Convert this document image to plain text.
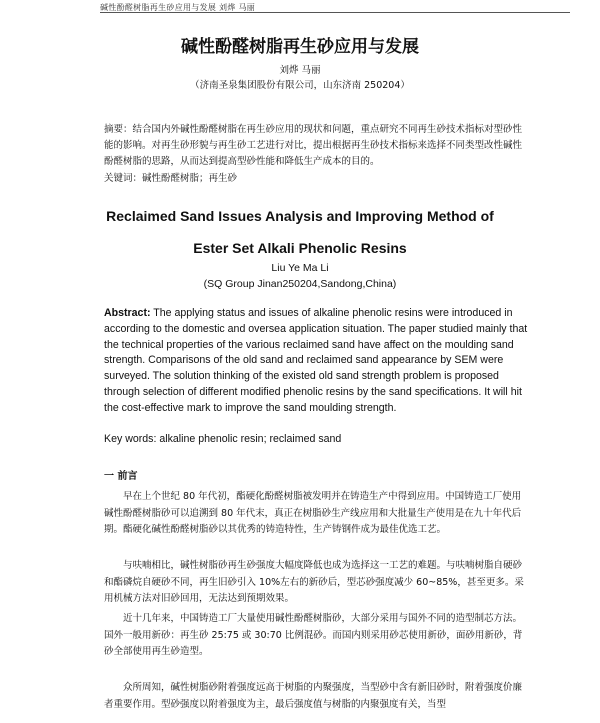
碱性酚醛树脂再生砂应用与发展 刘烨 马丽
碱性酚醛树脂再生砂应用与发展
刘烨 马丽
（济南圣泉集团股份有限公司，山东济南 250204）
摘要：结合国内外碱性酚醛树脂在再生砂应用的现状和问题，重点研究不同再生砂技术指标对型砂性能的影响。对再生砂形貌与再生砂工艺进行对比，提出根据再生砂技术指标来选择不同类型改性碱性酚醛树脂的思路，从而达到提高型砂性能和降低生产成本的目的。
关键词：碱性酚醛树脂；再生砂
Reclaimed Sand Issues Analysis and Improving Method of
Ester Set Alkali Phenolic Resins
Liu Ye Ma Li
(SQ Group Jinan250204,Sandong,China)
Abstract: The applying status and issues of alkaline phenolic resins were introduced in according to the domestic and oversea application situation. The paper studied mainly that the technical properties of the various reclaimed sand have affect on the moulding sand strength. Comparisons of the old sand and reclaimed sand appearance by SEM were surveyed. The solution thinking of the existed old sand strength problem is proposed through selection of different modified phenolic resins by the sand specifications. It will hit the cost-effective mark to improve the sand moulding strength.
Key words: alkaline phenolic resin; reclaimed sand
一 前言
早在上个世纪 80 年代初，酯硬化酚醛树脂被发明并在铸造生产中得到应用。中国铸造工厂使用碱性酚醛树脂砂可以追溯到 80 年代末，真正在树脂砂生产线应用和大批量生产使用是在九十年代后期。酯硬化碱性酚醛树脂砂以其优秀的铸造特性，生产铸钢件成为最佳优选工艺。
与呋喃相比，碱性树脂砂再生砂强度大幅度降低也成为选择这一工艺的难题。与呋喃树脂自硬砂和酯磷烷自硬砂不同，再生旧砂引入 10%左右的新砂后，型芯砂强度减少 60~85%，甚至更多。采用机械方法对旧砂回用，无法达到预期效果。
近十几年来，中国铸造工厂大量使用碱性酚醛树脂砂，大部分采用与国外不同的造型制芯方法。国外一般用新砂：再生砂 25:75 或 30:70 比例混砂。而国内则采用砂芯使用新砂，面砂用新砂，背砂全部使用再生砂造型。
众所周知，碱性树脂砂附着强度远高于树脂的内聚强度，当型砂中含有新旧砂时，附着强度价廉者重要作用。型砂强度以附着强度为主，最后强度值与树脂的内聚强度有关，当型
